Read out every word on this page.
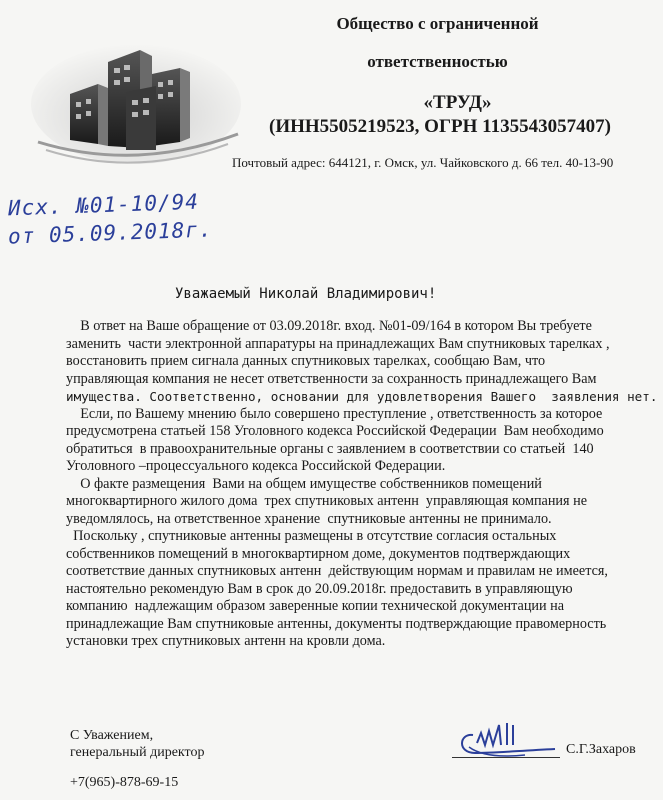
Общество с ограниченной

ответственностью

«ТРУД»

(ИНН5505219523, ОГРН 1135543057407)

Почтовый адрес: 644121, г. Омск, ул. Чайковского д. 66 тел. 40-13-90
Исх. №01-10/94
от 05.09.2018г.
Уважаемый Николай Владимирович!
В ответ на Ваше обращение от 03.09.2018г. вход. №01-09/164 в котором Вы требуете
заменить  части электронной аппаратуры на принадлежащих Вам спутниковых тарелках ,
восстановить прием сигнала данных спутниковых тарелках, сообщаю Вам, что
управляющая компания не несет ответственности за сохранность принадлежащего Вам
имущества. Соответственно, основании для удовлетворения Вашего  заявления нет.
Если, по Вашему мнению было совершено преступление , ответственность за которое
предусмотрена статьей 158 Уголовного кодекса Российской Федерации  Вам необходимо
обратиться  в правоохранительные органы с заявлением в соответствии со статьей  140
Уголовного –процессуального кодекса Российской Федерации.
О факте размещения  Вами на общем имуществе собственников помещений
многоквартирного жилого дома  трех спутниковых антенн  управляющая компания не
уведомлялось, на ответственное хранение  спутниковые антенны не принимало.
Поскольку , спутниковые антенны размещены в отсутствие согласия остальных
собственников помещений в многоквартирном доме, документов подтверждающих
соответствие данных спутниковых антенн  действующим нормам и правилам не имеется,
настоятельно рекомендую Вам в срок до 20.09.2018г. предоставить в управляющую
компанию  надлежащим образом заверенные копии технической документации на
принадлежащие Вам спутниковые антенны, документы подтверждающие правомерность
установки трех спутниковых антенн на кровли дома.
С Уважением,
генеральный директор	С.Г.Захаров
+7(965)-878-69-15
